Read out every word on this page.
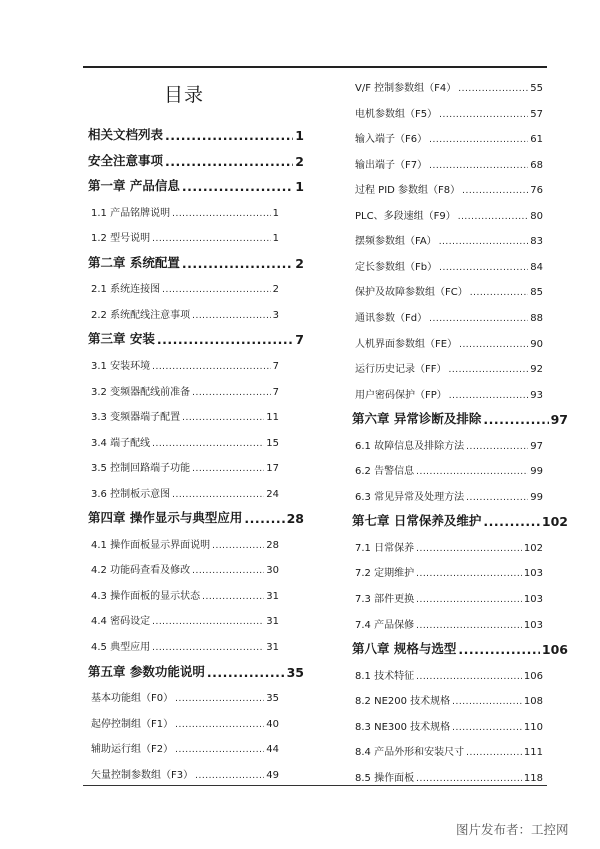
目录
相关文档列表 .....	1
安全注意事项 .....	2
第一章 产品信息 .....	1
1.1 产品铭牌说明 .....	1
1.2 型号说明 .....	1
第二章 系统配置 .....	2
2.1 系统连接图 .....	2
2.2 系统配线注意事项 .....	3
第三章 安装 .....	7
3.1 安装环境 .....	7
3.2 变频器配线前准备 .....	7
3.3 变频器端子配置 .....	11
3.4 端子配线 .....	15
3.5 控制回路端子功能 .....	17
3.6 控制板示意图 .....	24
第四章 操作显示与典型应用 .....	28
4.1 操作面板显示界面说明 .....	28
4.2 功能码查看及修改 .....	30
4.3 操作面板的显示状态 .....	31
4.4 密码设定 .....	31
4.5 典型应用 .....	31
第五章 参数功能说明 .....	35
基本功能组（F0） .....	35
起停控制组（F1） .....	40
辅助运行组（F2） .....	44
矢量控制参数组（F3） .....	49
V/F 控制参数组（F4） .....	55
电机参数组（F5） .....	57
输入端子（F6） .....	61
输出端子（F7） .....	68
过程 PID 参数组（F8） .....	76
PLC、多段速组（F9） .....	80
摆频参数组（FA） .....	83
定长参数组（Fb） .....	84
保护及故障参数组（FC） .....	85
通讯参数（Fd） .....	88
人机界面参数组（FE） .....	90
运行历史记录（FF） .....	92
用户密码保护（FP） .....	93
第六章 异常诊断及排除 .....	97
6.1 故障信息及排除方法 .....	97
6.2 告警信息 .....	99
6.3 常见异常及处理方法 .....	99
第七章 日常保养及维护 .....	102
7.1 日常保养 .....	102
7.2 定期维护 .....	103
7.3 部件更换 .....	103
7.4 产品保修 .....	103
第八章 规格与选型 .....	106
8.1 技术特征 .....	106
8.2 NE200 技术规格 .....	108
8.3 NE300 技术规格 .....	110
8.4 产品外形和安装尺寸 .....	111
8.5 操作面板 .....	118
图片发布者：工控网
